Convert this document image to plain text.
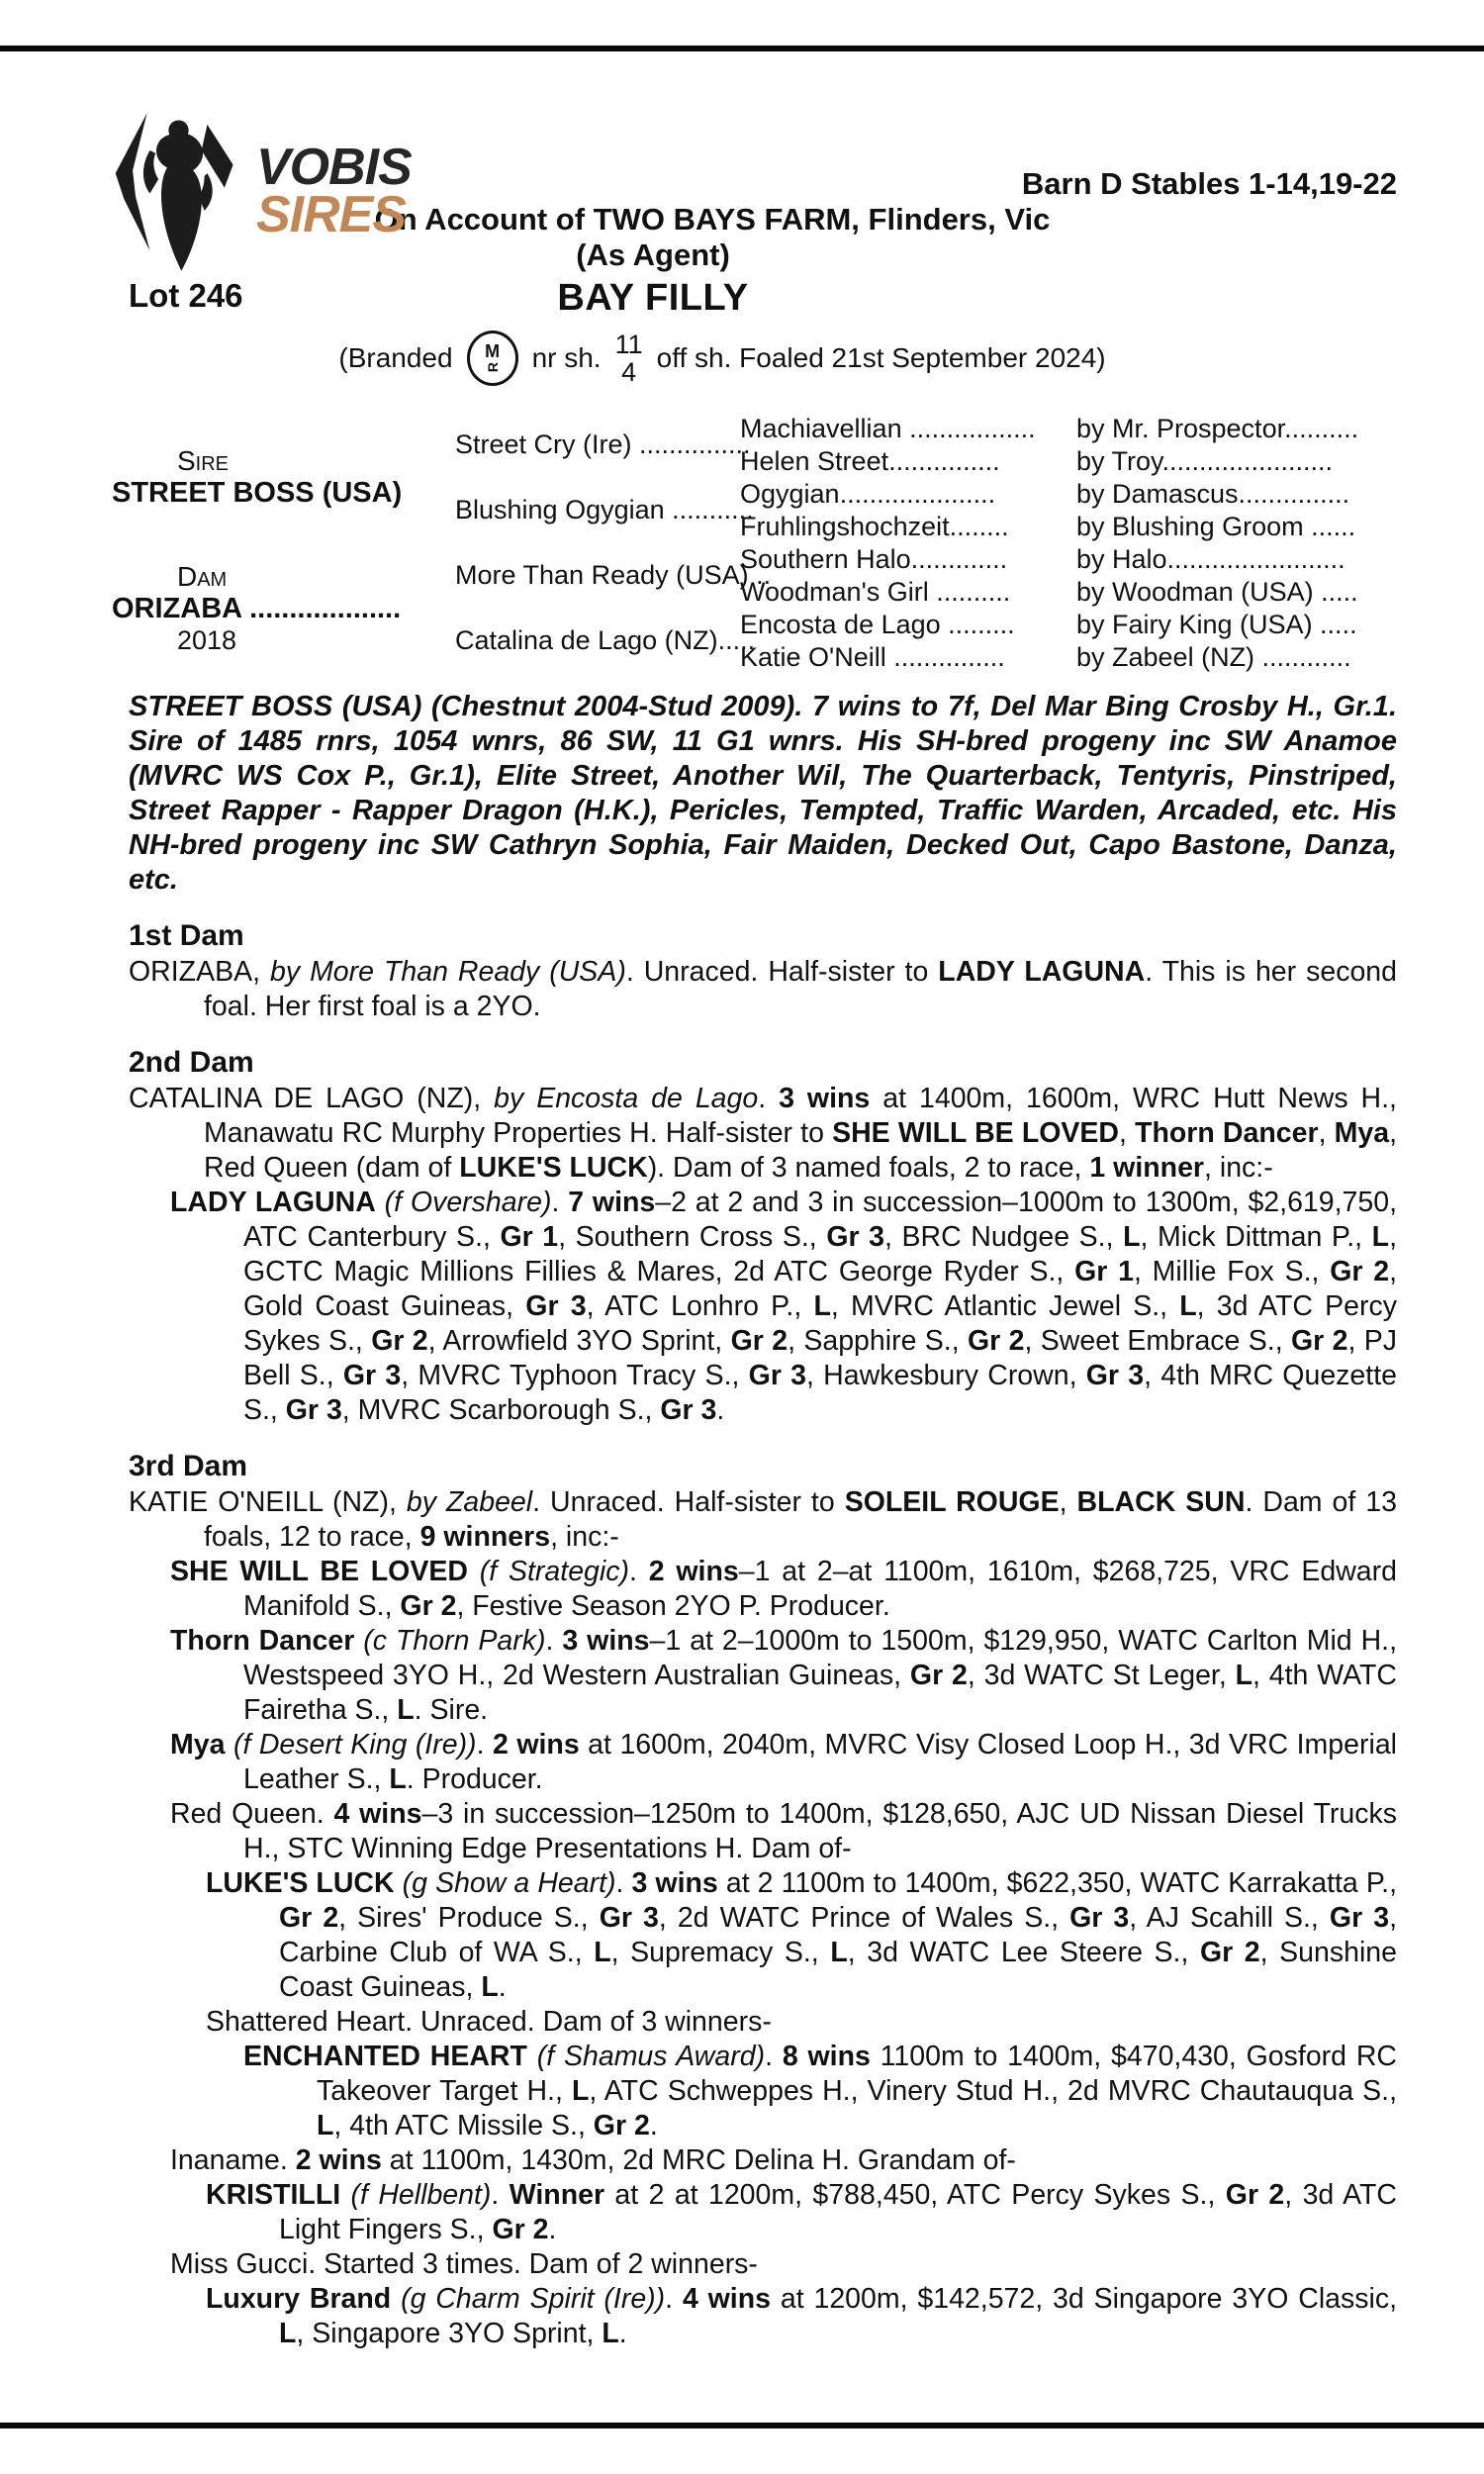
VOBIS
SIRES
Barn D Stables 1-14,19-22
On Account of TWO BAYS FARM, Flinders, Vic
(As Agent)
Lot 246	BAY FILLY
(Branded M
R nr sh. 11
4 off sh. Foaled 21st September 2024)
Sire
STREET BOSS (USA)
Dam
ORIZABA ...................
2018
Street Cry (Ire) ...............
Blushing Ogygian ...........
More Than Ready (USA) ..
Catalina de Lago (NZ).....
Machiavellian .................
Helen Street...............
Ogygian.....................
Fruhlingshochzeit........
Southern Halo.............
Woodman's Girl ..........
Encosta de Lago .........
Katie O'Neill ...............
by Mr. Prospector..........
by Troy.......................
by Damascus...............
by Blushing Groom ......
by Halo........................
by Woodman (USA) .....
by Fairy King (USA) .....
by Zabeel (NZ) ............
STREET BOSS (USA) (Chestnut 2004-Stud 2009). 7 wins to 7f, Del Mar Bing Crosby H., Gr.1. Sire of 1485 rnrs, 1054 wnrs, 86 SW, 11 G1 wnrs. His SH-bred progeny inc SW Anamoe (MVRC WS Cox P., Gr.1), Elite Street, Another Wil, The Quarterback, Tentyris, Pinstriped, Street Rapper - Rapper Dragon (H.K.), Pericles, Tempted, Traffic Warden, Arcaded, etc. His NH-bred progeny inc SW Cathryn Sophia, Fair Maiden, Decked Out, Capo Bastone, Danza, etc.
1st Dam
ORIZABA, by More Than Ready (USA). Unraced. Half-sister to LADY LAGUNA. This is her second foal. Her first foal is a 2YO.
2nd Dam
CATALINA DE LAGO (NZ), by Encosta de Lago. 3 wins at 1400m, 1600m, WRC Hutt News H., Manawatu RC Murphy Properties H. Half-sister to SHE WILL BE LOVED, Thorn Dancer, Mya, Red Queen (dam of LUKE'S LUCK). Dam of 3 named foals, 2 to race, 1 winner, inc:-
LADY LAGUNA (f Overshare). 7 wins–2 at 2 and 3 in succession–1000m to 1300m, $2,619,750, ATC Canterbury S., Gr 1, Southern Cross S., Gr 3, BRC Nudgee S., L, Mick Dittman P., L, GCTC Magic Millions Fillies & Mares, 2d ATC George Ryder S., Gr 1, Millie Fox S., Gr 2, Gold Coast Guineas, Gr 3, ATC Lonhro P., L, MVRC Atlantic Jewel S., L, 3d ATC Percy Sykes S., Gr 2, Arrowfield 3YO Sprint, Gr 2, Sapphire S., Gr 2, Sweet Embrace S., Gr 2, PJ Bell S., Gr 3, MVRC Typhoon Tracy S., Gr 3, Hawkesbury Crown, Gr 3, 4th MRC Quezette S., Gr 3, MVRC Scarborough S., Gr 3.
3rd Dam
KATIE O'NEILL (NZ), by Zabeel. Unraced. Half-sister to SOLEIL ROUGE, BLACK SUN. Dam of 13 foals, 12 to race, 9 winners, inc:-
SHE WILL BE LOVED (f Strategic). 2 wins–1 at 2–at 1100m, 1610m, $268,725, VRC Edward Manifold S., Gr 2, Festive Season 2YO P. Producer.
Thorn Dancer (c Thorn Park). 3 wins–1 at 2–1000m to 1500m, $129,950, WATC Carlton Mid H., Westspeed 3YO H., 2d Western Australian Guineas, Gr 2, 3d WATC St Leger, L, 4th WATC Fairetha S., L. Sire.
Mya (f Desert King (Ire)). 2 wins at 1600m, 2040m, MVRC Visy Closed Loop H., 3d VRC Imperial Leather S., L. Producer.
Red Queen. 4 wins–3 in succession–1250m to 1400m, $128,650, AJC UD Nissan Diesel Trucks H., STC Winning Edge Presentations H. Dam of-
LUKE'S LUCK (g Show a Heart). 3 wins at 2 1100m to 1400m, $622,350, WATC Karrakatta P., Gr 2, Sires' Produce S., Gr 3, 2d WATC Prince of Wales S., Gr 3, AJ Scahill S., Gr 3, Carbine Club of WA S., L, Supremacy S., L, 3d WATC Lee Steere S., Gr 2, Sunshine Coast Guineas, L.
Shattered Heart. Unraced. Dam of 3 winners-
ENCHANTED HEART (f Shamus Award). 8 wins 1100m to 1400m, $470,430, Gosford RC Takeover Target H., L, ATC Schweppes H., Vinery Stud H., 2d MVRC Chautauqua S., L, 4th ATC Missile S., Gr 2.
Inaname. 2 wins at 1100m, 1430m, 2d MRC Delina H. Grandam of-
KRISTILLI (f Hellbent). Winner at 2 at 1200m, $788,450, ATC Percy Sykes S., Gr 2, 3d ATC Light Fingers S., Gr 2.
Miss Gucci. Started 3 times. Dam of 2 winners-
Luxury Brand (g Charm Spirit (Ire)). 4 wins at 1200m, $142,572, 3d Singapore 3YO Classic, L, Singapore 3YO Sprint, L.
